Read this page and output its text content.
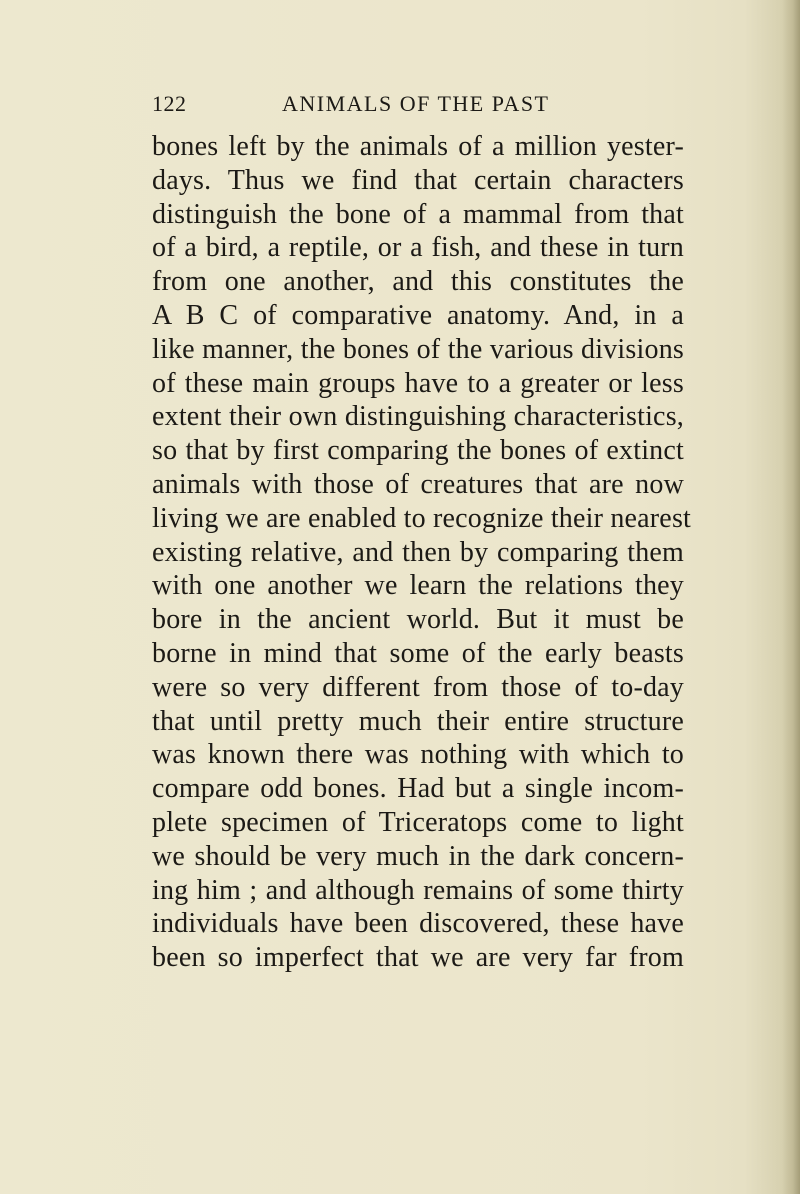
122	ANIMALS OF THE PAST
bones left by the animals of a million yester-
days. Thus we find that certain characters
distinguish the bone of a mammal from that
of a bird, a reptile, or a fish, and these in turn
from one another, and this constitutes the
A B C of comparative anatomy. And, in a
like manner, the bones of the various divisions
of these main groups have to a greater or less
extent their own distinguishing characteristics,
so that by first comparing the bones of extinct
animals with those of creatures that are now
living we are enabled to recognize their nearest
existing relative, and then by comparing them
with one another we learn the relations they
bore in the ancient world. But it must be
borne in mind that some of the early beasts
were so very different from those of to-day
that until pretty much their entire structure
was known there was nothing with which to
compare odd bones. Had but a single incom-
plete specimen of Triceratops come to light
we should be very much in the dark concern-
ing him ; and although remains of some thirty
individuals have been discovered, these have
been so imperfect that we are very far from
